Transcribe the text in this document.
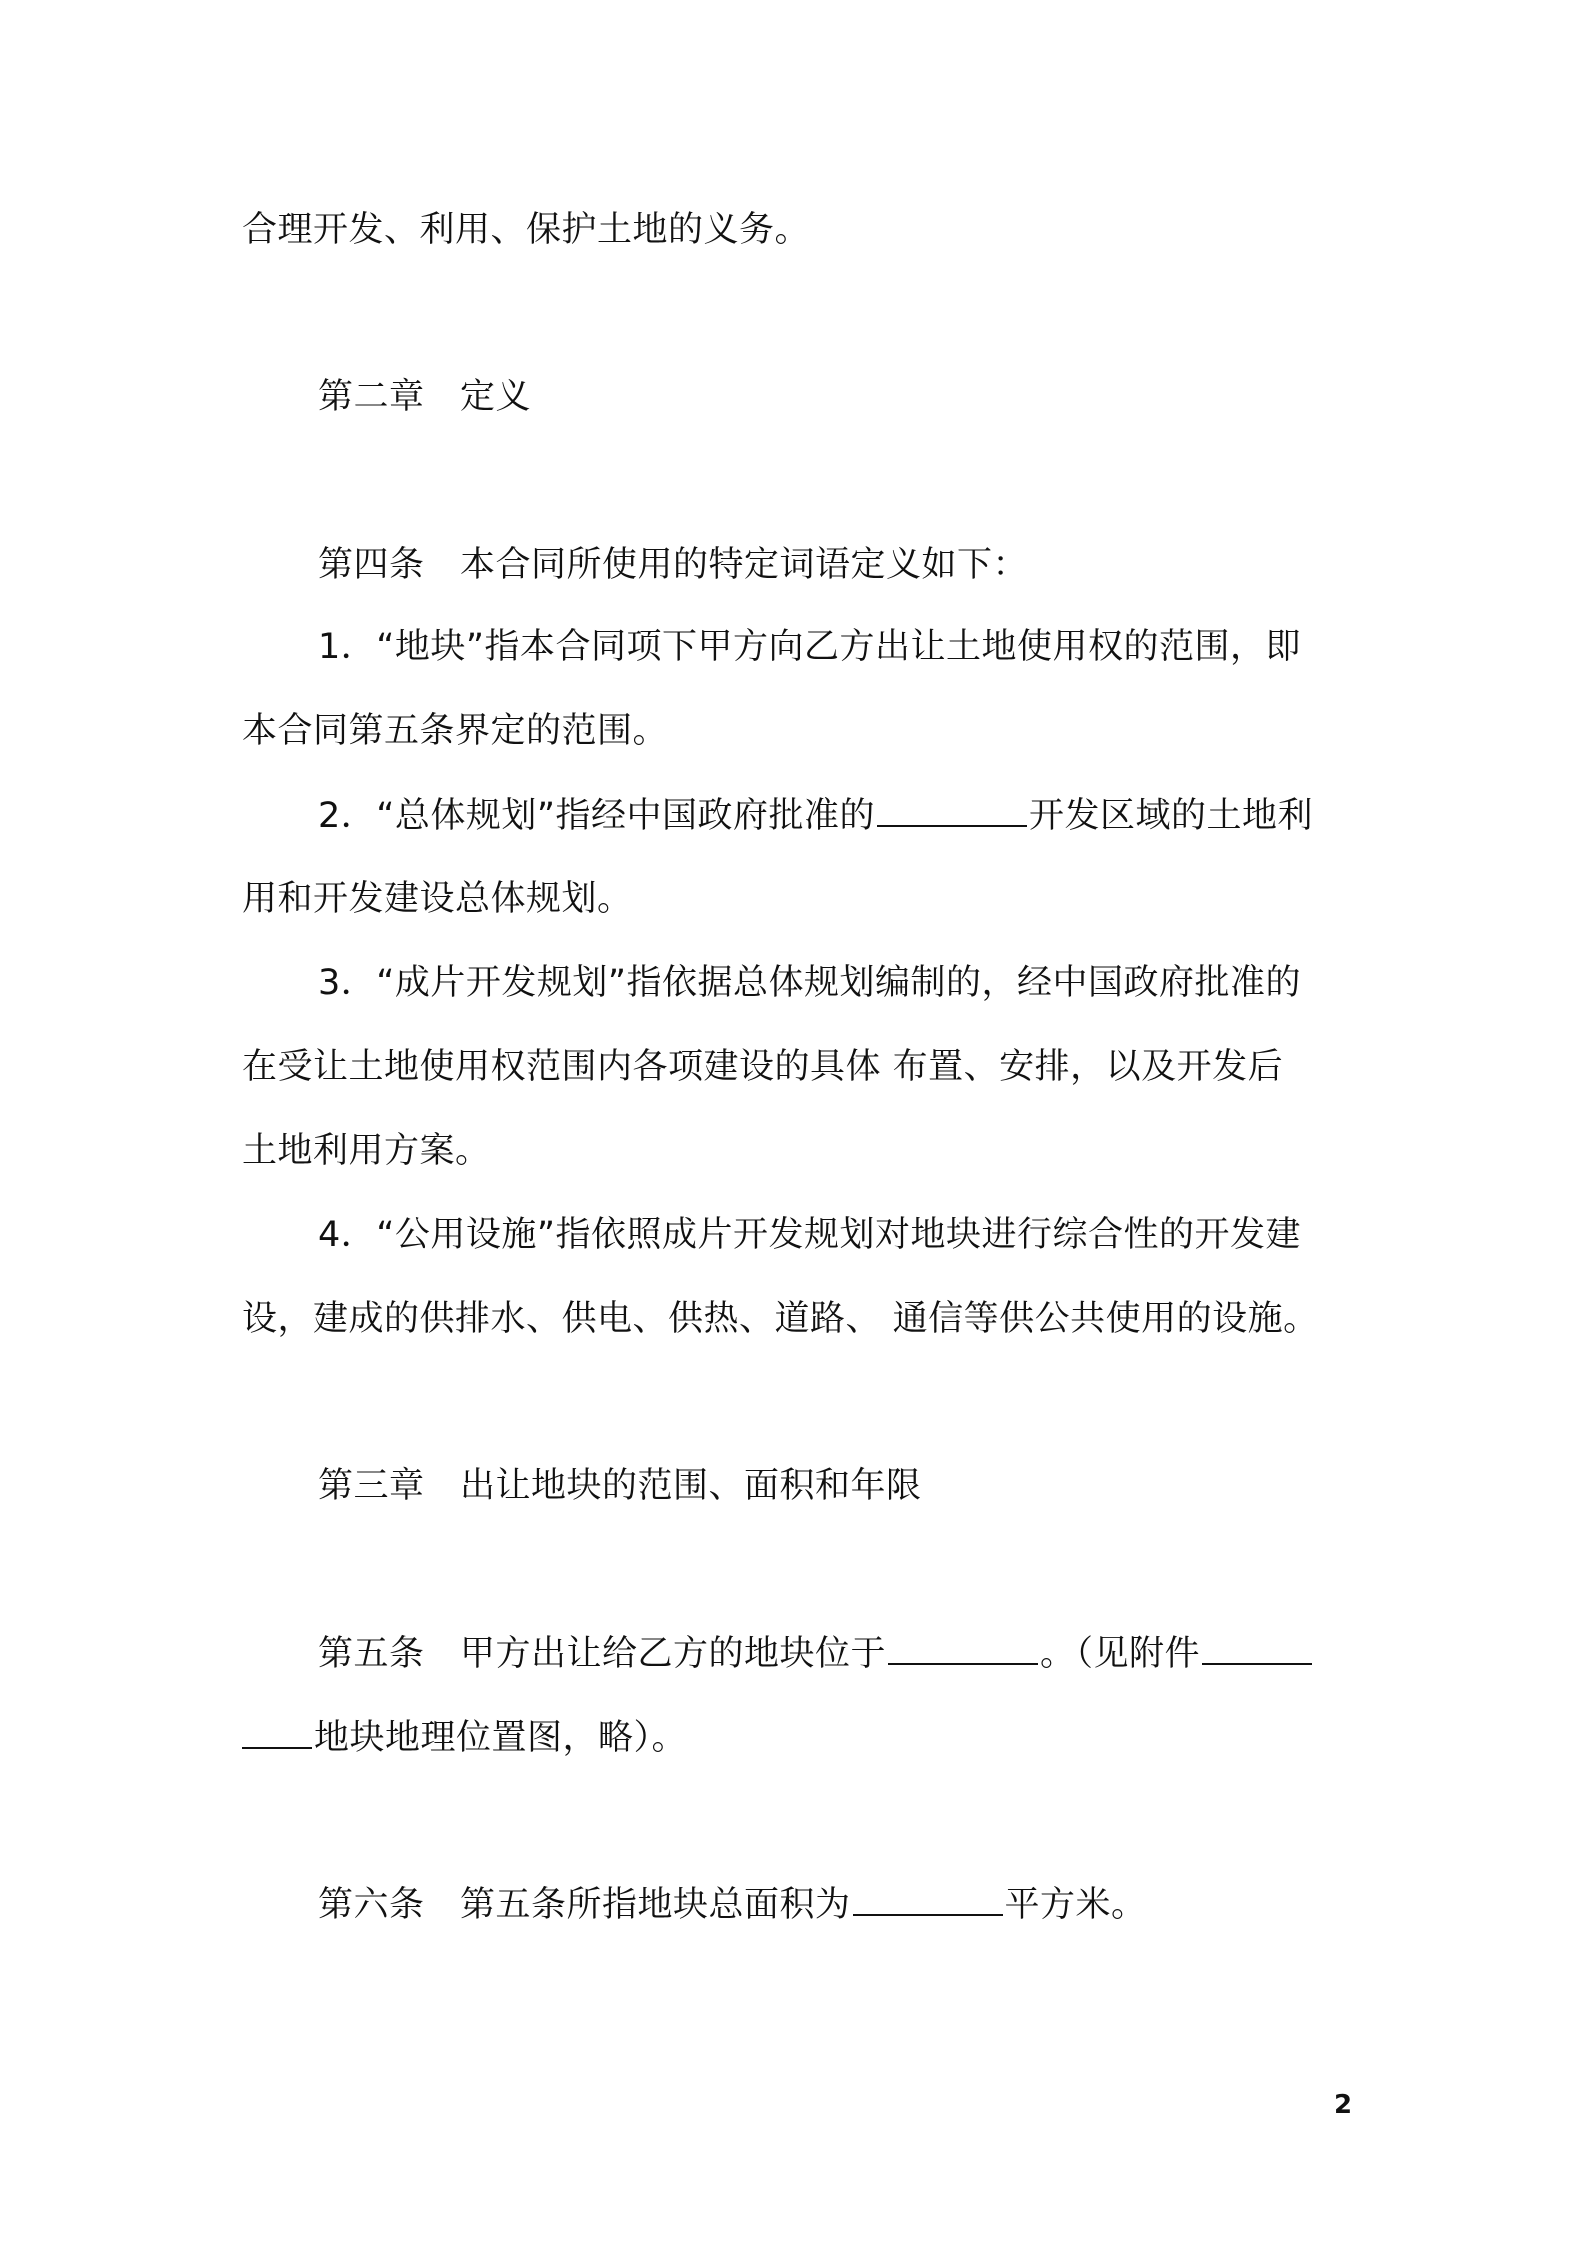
合理开发、利用、保护土地的义务。
第二章　定义
第四条　本合同所使用的特定词语定义如下：
1．“地块”指本合同项下甲方向乙方出让土地使用权的范围，即
本合同第五条界定的范围。
2．“总体规划”指经中国政府批准的	开发区域的土地利
用和开发建设总体规划。
3．“成片开发规划”指依据总体规划编制的，经中国政府批准的
在受让土地使用权范围内各项建设的具体 布置、安排，以及开发后
土地利用方案。
4．“公用设施”指依照成片开发规划对地块进行综合性的开发建
设，建成的供排水、供电、供热、道路、 通信等供公共使用的设施。
第三章　出让地块的范围、面积和年限
第五条　甲方出让给乙方的地块位于	。（见附件
地块地理位置图，略）。
第六条　第五条所指地块总面积为	平方米。
2
